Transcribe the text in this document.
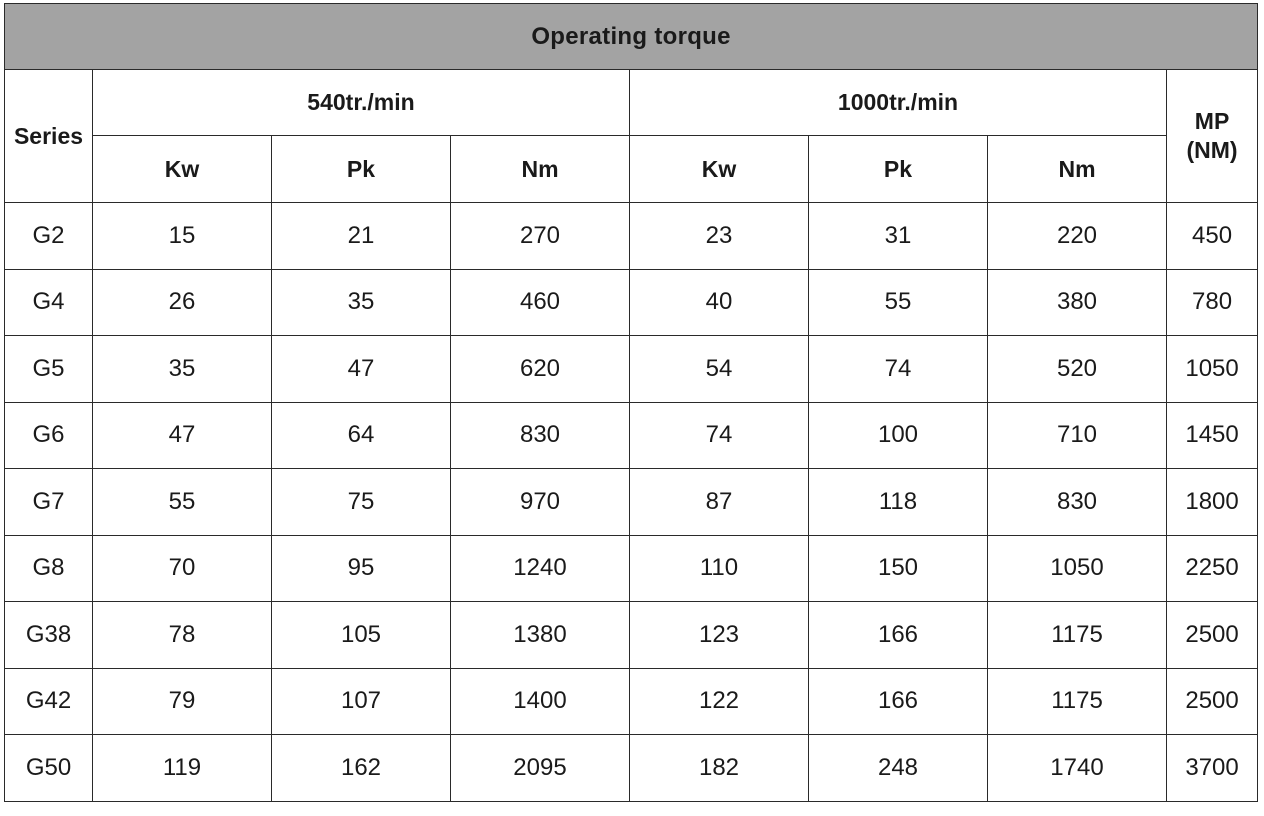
Operating torque							
Series	540tr./min			1000tr./min			MP
(NM)
	Kw	Pk	Nm	Kw	Pk	Nm	
G2	15	21	270	23	31	220	450
G4	26	35	460	40	55	380	780
G5	35	47	620	54	74	520	1050
G6	47	64	830	74	100	710	1450
G7	55	75	970	87	118	830	1800
G8	70	95	1240	110	150	1050	2250
G38	78	105	1380	123	166	1175	2500
G42	79	107	1400	122	166	1175	2500
G50	119	162	2095	182	248	1740	3700
